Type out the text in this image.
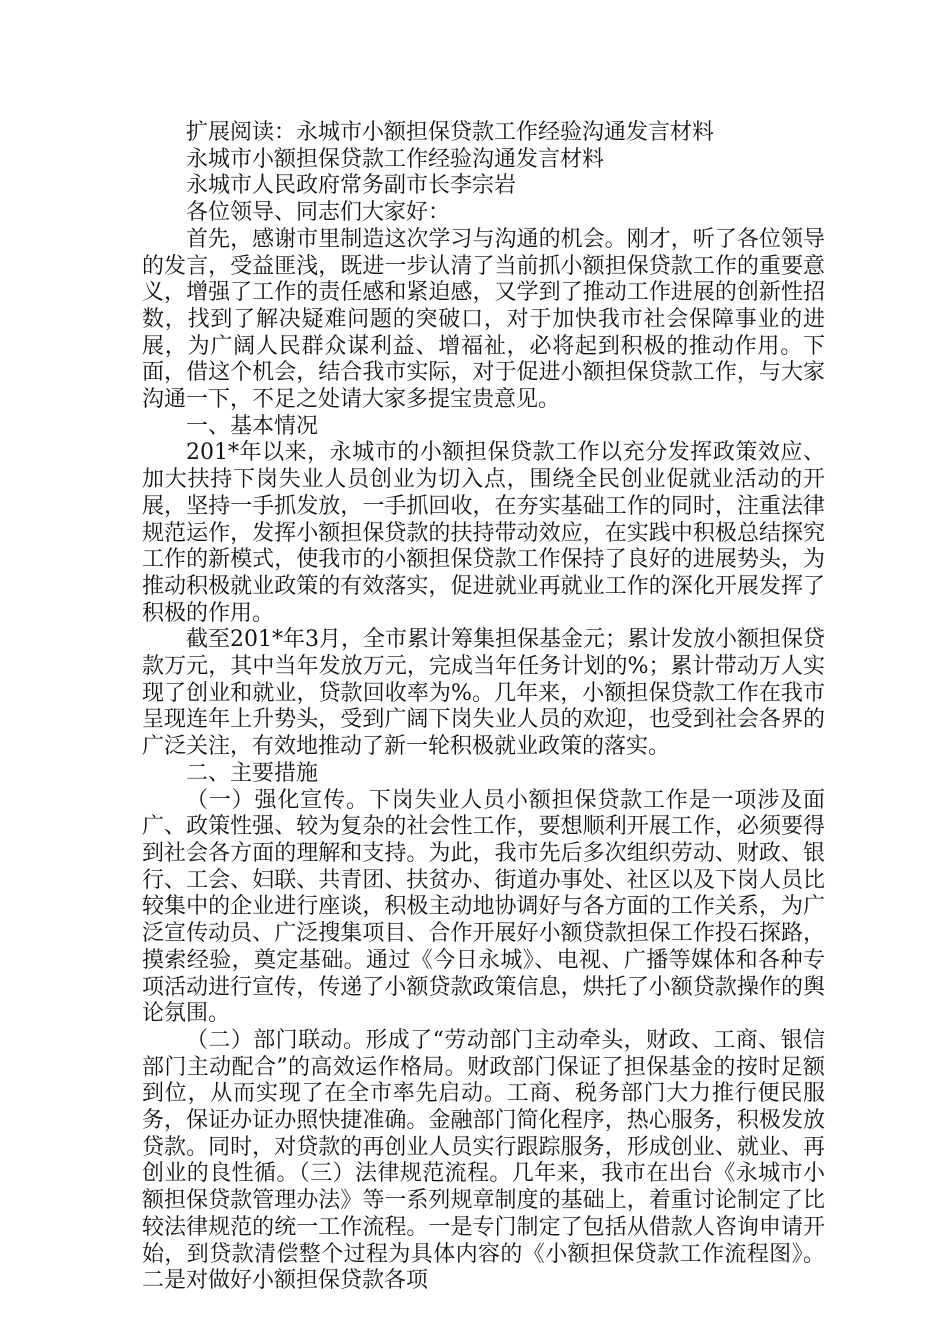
扩展阅读：永城市小额担保贷款工作经验沟通发言材料

永城市小额担保贷款工作经验沟通发言材料

永城市人民政府常务副市长李宗岩

各位领导、同志们大家好：

首先，感谢市里制造这次学习与沟通的机会。刚才，听了各位领导的发言，受益匪浅，既进一步认清了当前抓小额担保贷款工作的重要意义，增强了工作的责任感和紧迫感，又学到了推动工作进展的创新性招数，找到了解决疑难问题的突破口，对于加快我市社会保障事业的进展，为广阔人民群众谋利益、增福祉，必将起到积极的推动作用。下面，借这个机会，结合我市实际，对于促进小额担保贷款工作，与大家沟通一下，不足之处请大家多提宝贵意见。

一、基本情况

201*年以来，永城市的小额担保贷款工作以充分发挥政策效应、加大扶持下岗失业人员创业为切入点，围绕全民创业促就业活动的开展，坚持一手抓发放，一手抓回收，在夯实基础工作的同时，注重法律规范运作，发挥小额担保贷款的扶持带动效应，在实践中积极总结探究工作的新模式，使我市的小额担保贷款工作保持了良好的进展势头，为推动积极就业政策的有效落实，促进就业再就业工作的深化开展发挥了积极的作用。

截至201*年3月，全市累计筹集担保基金元；累计发放小额担保贷款万元，其中当年发放万元，完成当年任务计划的%；累计带动万人实现了创业和就业，贷款回收率为%。几年来，小额担保贷款工作在我市呈现连年上升势头，受到广阔下岗失业人员的欢迎，也受到社会各界的广泛关注，有效地推动了新一轮积极就业政策的落实。

二、主要措施

（一）强化宣传。下岗失业人员小额担保贷款工作是一项涉及面广、政策性强、较为复杂的社会性工作，要想顺利开展工作，必须要得到社会各方面的理解和支持。为此，我市先后多次组织劳动、财政、银行、工会、妇联、共青团、扶贫办、街道办事处、社区以及下岗人员比较集中的企业进行座谈，积极主动地协调好与各方面的工作关系，为广泛宣传动员、广泛搜集项目、合作开展好小额贷款担保工作投石探路，摸索经验，奠定基础。通过《今日永城》、电视、广播等媒体和各种专项活动进行宣传，传递了小额贷款政策信息，烘托了小额贷款操作的舆论氛围。

（二）部门联动。形成了“劳动部门主动牵头，财政、工商、银信部门主动配合”的高效运作格局。财政部门保证了担保基金的按时足额到位，从而实现了在全市率先启动。工商、税务部门大力推行便民服务，保证办证办照快捷准确。金融部门简化程序，热心服务，积极发放贷款。同时，对贷款的再创业人员实行跟踪服务，形成创业、就业、再创业的良性循。（三）法律规范流程。几年来，我市在出台《永城市小额担保贷款管理办法》等一系列规章制度的基础上，着重讨论制定了比较法律规范的统一工作流程。一是专门制定了包括从借款人咨询申请开始，到贷款清偿整个过程为具体内容的《小额担保贷款工作流程图》。二是对做好小额担保贷款各项
